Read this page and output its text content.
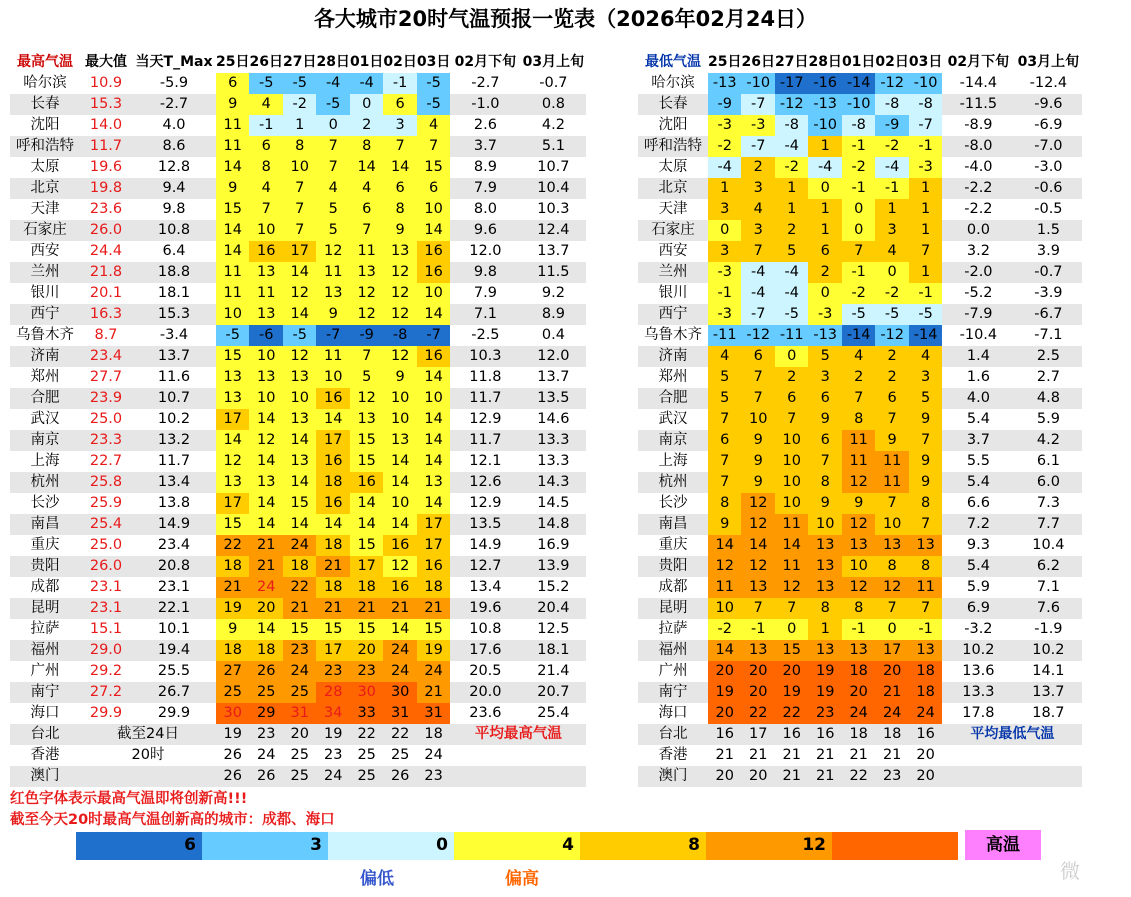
各大城市20时气温预报一览表（2026年02月24日）
最高气温	最大值	当天T_Max	25日	26日	27日	28日	01日	02日	03日	02月下旬	03月上旬
哈尔滨	10.9	-5.9	6	-5	-5	-4	-4	-1	-5	-2.7	-0.7
长春	15.3	-2.7	9	4	-2	-5	0	6	-5	-1.0	0.8
沈阳	14.0	4.0	11	-1	1	0	2	3	4	2.6	4.2
呼和浩特	11.7	8.6	11	6	8	7	8	7	7	3.7	5.1
太原	19.6	12.8	14	8	10	7	14	14	15	8.9	10.7
北京	19.8	9.4	9	4	7	4	4	6	6	7.9	10.4
天津	23.6	9.8	15	7	7	5	6	8	10	8.0	10.3
石家庄	26.0	10.8	14	10	7	5	7	9	14	9.6	12.4
西安	24.4	6.4	14	16	17	12	11	13	16	12.0	13.7
兰州	21.8	18.8	11	13	14	11	13	12	16	9.8	11.5
银川	20.1	18.1	11	11	12	13	12	12	10	7.9	9.2
西宁	16.3	15.3	10	13	14	9	12	12	14	7.1	8.9
乌鲁木齐	8.7	-3.4	-5	-6	-5	-7	-9	-8	-7	-2.5	0.4
济南	23.4	13.7	15	10	12	11	7	12	16	10.3	12.0
郑州	27.7	11.6	13	13	13	10	5	9	14	11.8	13.7
合肥	23.9	10.7	13	10	10	16	12	10	10	11.7	13.5
武汉	25.0	10.2	17	14	13	14	13	10	14	12.9	14.6
南京	23.3	13.2	14	12	14	17	15	13	14	11.7	13.3
上海	22.7	11.7	12	14	13	16	15	14	14	12.1	13.3
杭州	25.8	13.4	13	13	14	18	16	14	13	12.6	14.3
长沙	25.9	13.8	17	14	15	16	14	10	14	12.9	14.5
南昌	25.4	14.9	15	14	14	14	14	14	17	13.5	14.8
重庆	25.0	23.4	22	21	24	18	15	16	17	14.9	16.9
贵阳	26.0	20.8	18	21	18	21	17	12	16	12.7	13.9
成都	23.1	23.1	21	24	22	18	18	16	18	13.4	15.2
昆明	23.1	22.1	19	20	21	21	21	21	21	19.6	20.4
拉萨	15.1	10.1	9	14	15	15	15	14	15	10.8	12.5
福州	29.0	19.4	18	18	23	17	20	24	19	17.6	18.1
广州	29.2	25.5	27	26	24	23	23	24	24	20.5	21.4
南宁	27.2	26.7	25	25	25	28	30	30	21	20.0	20.7
海口	29.9	29.9	30	29	31	34	33	31	31	23.6	25.4
台北	截至24日		19	23	20	19	22	22	18	平均最高气温	
香港	20时		26	24	25	23	25	25	24		
澳门			26	26	25	24	25	26	23		
最低气温	25日	26日	27日	28日	01日	02日	03日	02月下旬	03月上旬
哈尔滨	-13	-10	-17	-16	-14	-12	-10	-14.4	-12.4
长春	-9	-7	-12	-13	-10	-8	-8	-11.5	-9.6
沈阳	-3	-3	-8	-10	-8	-9	-7	-8.9	-6.9
呼和浩特	-2	-7	-4	1	-1	-2	-1	-8.0	-7.0
太原	-4	2	-2	-4	-2	-4	-3	-4.0	-3.0
北京	1	3	1	0	-1	-1	1	-2.2	-0.6
天津	3	4	1	1	0	1	1	-2.2	-0.5
石家庄	0	3	2	1	0	3	1	0.0	1.5
西安	3	7	5	6	7	4	7	3.2	3.9
兰州	-3	-4	-4	2	-1	0	1	-2.0	-0.7
银川	-1	-4	-4	0	-2	-2	-1	-5.2	-3.9
西宁	-3	-7	-5	-3	-5	-5	-5	-7.9	-6.7
乌鲁木齐	-11	-12	-11	-13	-14	-12	-14	-10.4	-7.1
济南	4	6	0	5	4	2	4	1.4	2.5
郑州	5	7	2	3	2	2	3	1.6	2.7
合肥	5	7	6	6	7	6	5	4.0	4.8
武汉	7	10	7	9	8	7	9	5.4	5.9
南京	6	9	10	6	11	9	7	3.7	4.2
上海	7	9	10	7	11	11	9	5.5	6.1
杭州	7	9	10	8	12	11	9	5.4	6.0
长沙	8	12	10	9	9	7	8	6.6	7.3
南昌	9	12	11	10	12	10	7	7.2	7.7
重庆	14	14	14	13	13	13	13	9.3	10.4
贵阳	12	12	11	13	10	8	8	5.4	6.2
成都	11	13	12	13	12	12	11	5.9	7.1
昆明	10	7	7	8	8	7	7	6.9	7.6
拉萨	-2	-1	0	1	-1	0	-1	-3.2	-1.9
福州	14	13	15	13	13	17	13	10.2	10.2
广州	20	20	20	19	18	20	18	13.6	14.1
南宁	19	20	19	19	20	21	18	13.3	13.7
海口	20	22	22	23	24	24	24	17.8	18.7
台北	16	17	16	16	18	18	16	平均最低气温	
香港	21	21	21	21	21	21	20		
澳门	20	20	21	21	22	23	20		
红色字体表示最高气温即将创新高!!!
截至今天20时最高气温创新高的城市：成都、海口
6	3	0	4	8	12	高温
偏低	偏高	微
